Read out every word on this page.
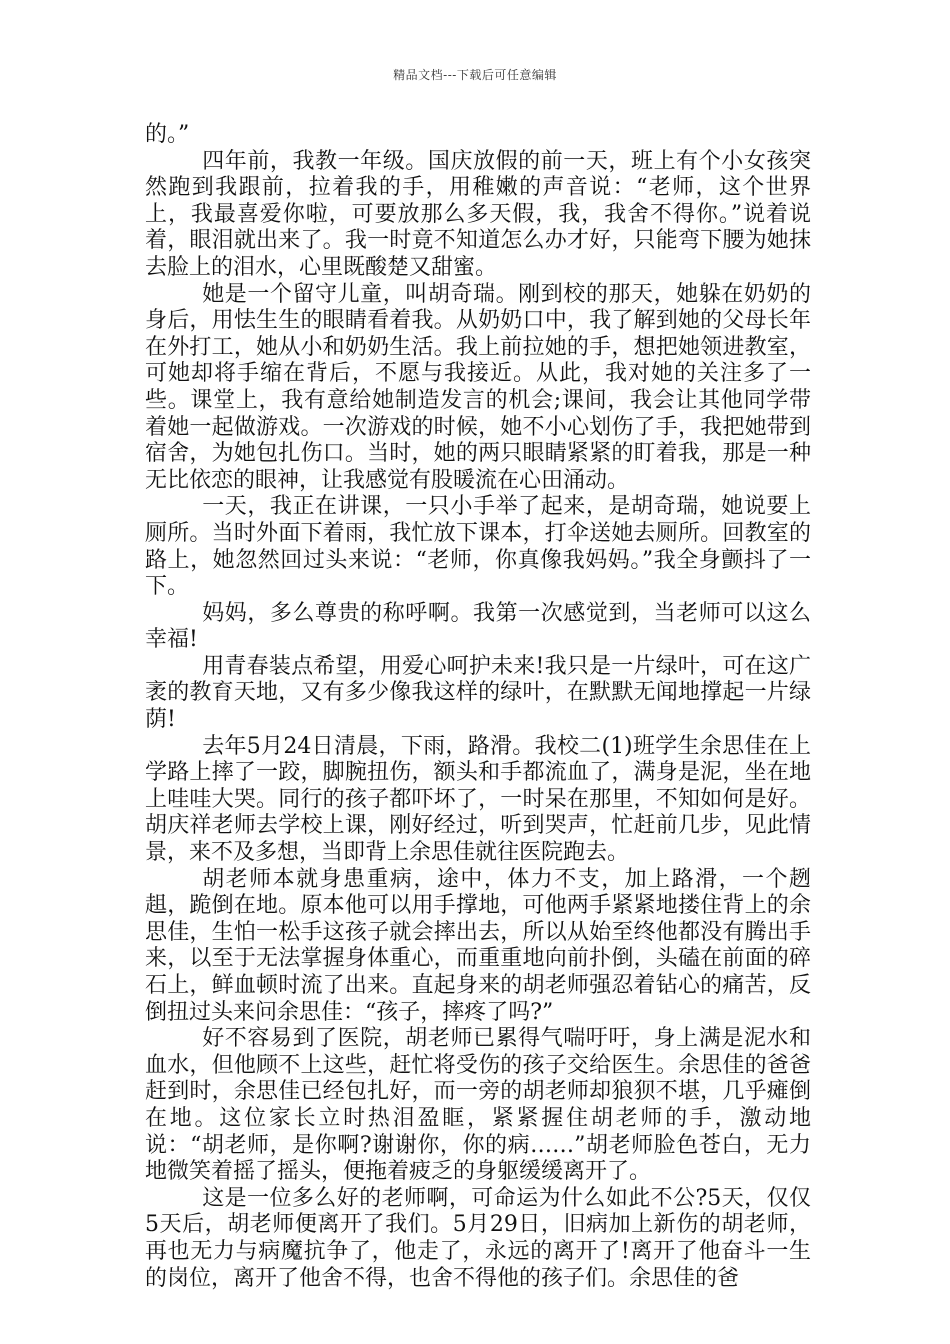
精品文档---下载后可任意编辑

的。”

四年前，我教一年级。国庆放假的前一天，班上有个小女孩突然跑到我跟前，拉着我的手，用稚嫩的声音说：“老师，这个世界上，我最喜爱你啦，可要放那么多天假，我，我舍不得你。”说着说着，眼泪就出来了。我一时竟不知道怎么办才好，只能弯下腰为她抹去脸上的泪水，心里既酸楚又甜蜜。

她是一个留守儿童，叫胡奇瑞。刚到校的那天，她躲在奶奶的身后，用怯生生的眼睛看着我。从奶奶口中，我了解到她的父母长年在外打工，她从小和奶奶生活。我上前拉她的手，想把她领进教室，可她却将手缩在背后，不愿与我接近。从此，我对她的关注多了一些。课堂上，我有意给她制造发言的机会;课间，我会让其他同学带着她一起做游戏。一次游戏的时候，她不小心划伤了手，我把她带到宿舍，为她包扎伤口。当时，她的两只眼睛紧紧的盯着我，那是一种无比依恋的眼神，让我感觉有股暖流在心田涌动。

一天，我正在讲课，一只小手举了起来，是胡奇瑞，她说要上厕所。当时外面下着雨，我忙放下课本，打伞送她去厕所。回教室的路上，她忽然回过头来说：“老师，你真像我妈妈。”我全身颤抖了一下。

妈妈，多么尊贵的称呼啊。我第一次感觉到，当老师可以这么幸福!

用青春装点希望，用爱心呵护未来!我只是一片绿叶，可在这广袤的教育天地，又有多少像我这样的绿叶，在默默无闻地撑起一片绿荫!

去年5月24日清晨，下雨，路滑。我校二(1)班学生余思佳在上学路上摔了一跤，脚腕扭伤，额头和手都流血了，满身是泥，坐在地上哇哇大哭。同行的孩子都吓坏了，一时呆在那里，不知如何是好。胡庆祥老师去学校上课，刚好经过，听到哭声，忙赶前几步，见此情景，来不及多想，当即背上余思佳就往医院跑去。

胡老师本就身患重病，途中，体力不支，加上路滑，一个趔趄，跪倒在地。原本他可以用手撑地，可他两手紧紧地搂住背上的余思佳，生怕一松手这孩子就会摔出去，所以从始至终他都没有腾出手来，以至于无法掌握身体重心，而重重地向前扑倒，头磕在前面的碎石上，鲜血顿时流了出来。直起身来的胡老师强忍着钻心的痛苦，反倒扭过头来问余思佳：“孩子，摔疼了吗?”

好不容易到了医院，胡老师已累得气喘吁吁，身上满是泥水和血水，但他顾不上这些，赶忙将受伤的孩子交给医生。余思佳的爸爸赶到时，余思佳已经包扎好，而一旁的胡老师却狼狈不堪，几乎瘫倒在地。这位家长立时热泪盈眶，紧紧握住胡老师的手，激动地说：“胡老师，是你啊?谢谢你，你的病……”胡老师脸色苍白，无力地微笑着摇了摇头，便拖着疲乏的身躯缓缓离开了。

这是一位多么好的老师啊，可命运为什么如此不公?5天，仅仅5天后，胡老师便离开了我们。5月29日，旧病加上新伤的胡老师，再也无力与病魔抗争了，他走了，永远的离开了!离开了他奋斗一生的岗位，离开了他舍不得，也舍不得他的孩子们。余思佳的爸
